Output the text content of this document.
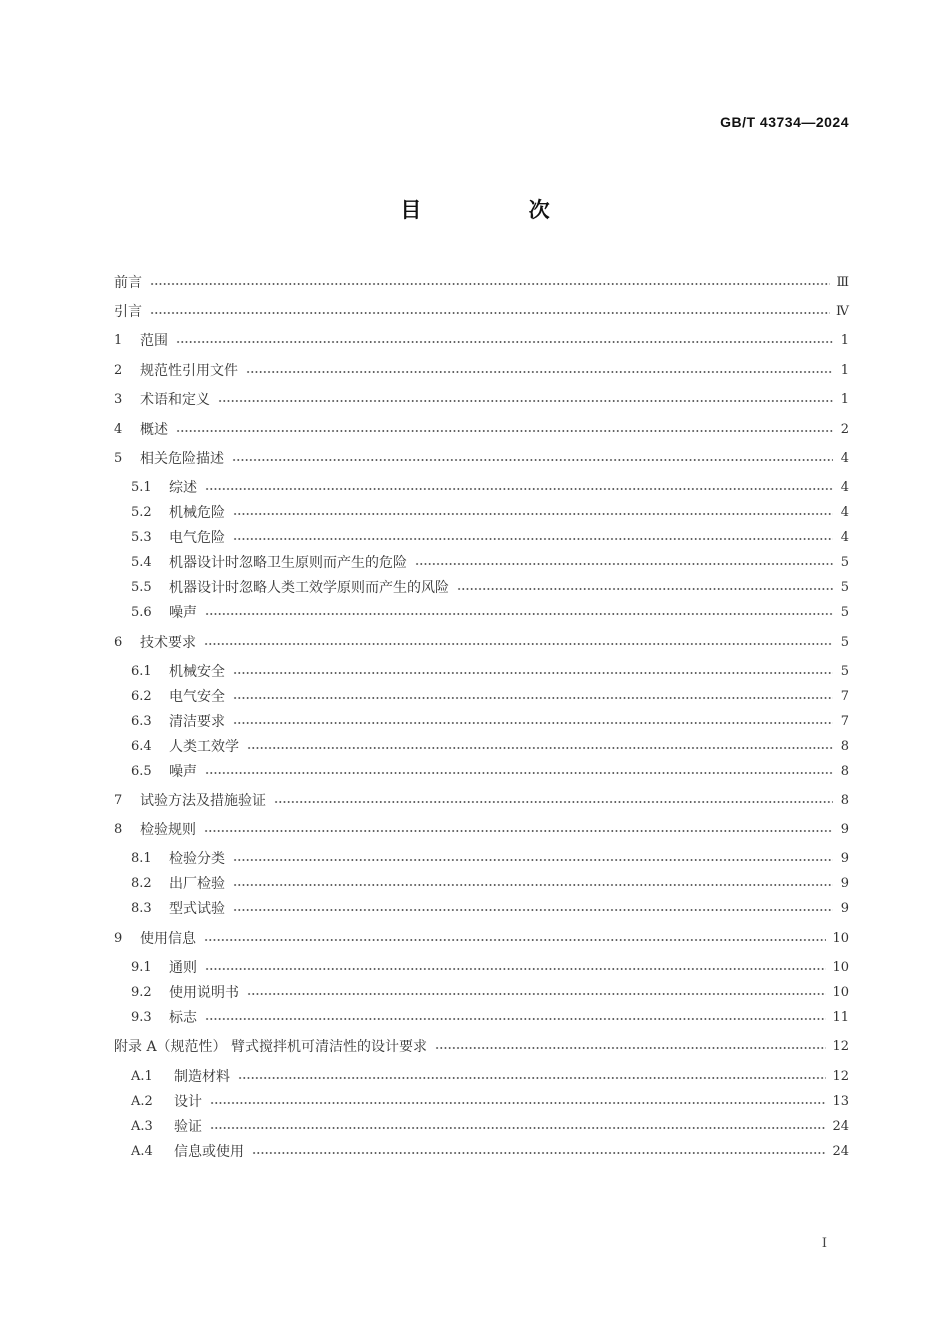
GB/T 43734—2024
目 次
前言	Ⅲ
引言	Ⅳ
1	范围	1
2	规范性引用文件	1
3	术语和定义	1
4	概述	2
5	相关危险描述	4
5.1	综述	4
5.2	机械危险	4
5.3	电气危险	4
5.4	机器设计时忽略卫生原则而产生的危险	5
5.5	机器设计时忽略人类工效学原则而产生的风险	5
5.6	噪声	5
6	技术要求	5
6.1	机械安全	5
6.2	电气安全	7
6.3	清洁要求	7
6.4	人类工效学	8
6.5	噪声	8
7	试验方法及措施验证	8
8	检验规则	9
8.1	检验分类	9
8.2	出厂检验	9
8.3	型式试验	9
9	使用信息	10
9.1	通则	10
9.2	使用说明书	10
9.3	标志	11
附录 A（规范性） 臂式搅拌机可清洁性的设计要求	12
A.1	制造材料	12
A.2	设计	13
A.3	验证	24
A.4	信息或使用	24
I
